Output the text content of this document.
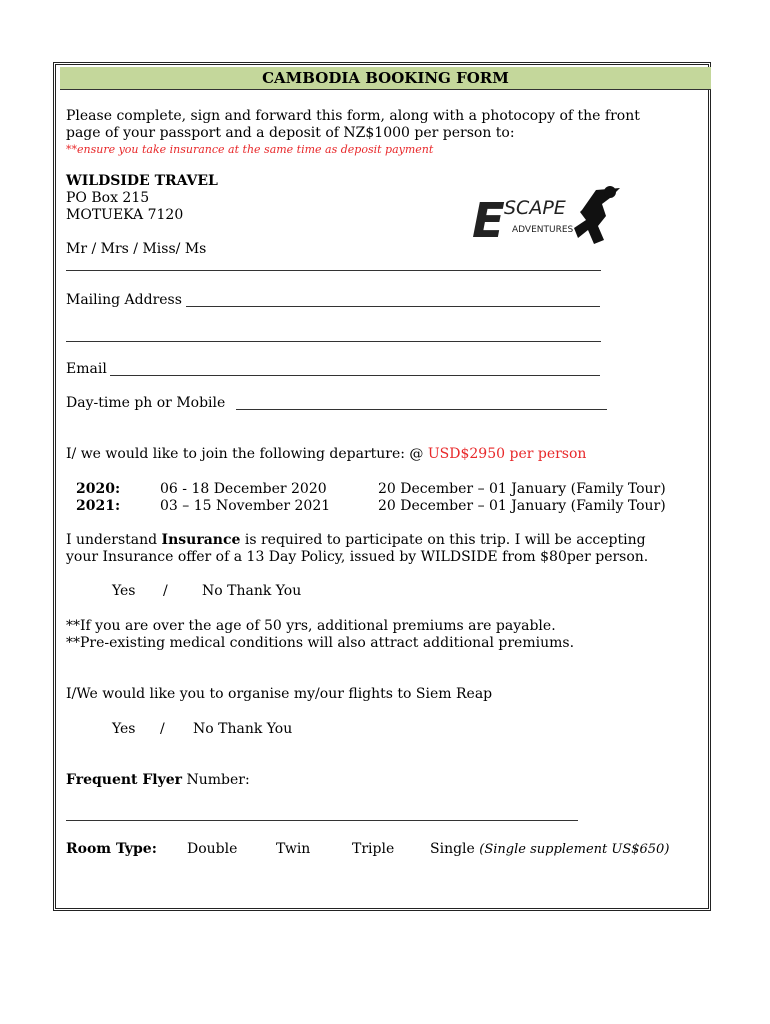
CAMBODIA BOOKING FORM
Please complete, sign and forward this form, along with a photocopy of the front
page of your passport and a deposit of NZ$1000 per person to:
**ensure you take insurance at the same time as deposit payment
WILDSIDE TRAVEL
PO Box 215
MOTUEKA 7120	E SCAPE
ADVENTURES
Mr / Mrs / Miss/ Ms
Mailing Address
Email
Day-time ph or Mobile
I/ we would like to join the following departure: @ USD$2950 per person
2020:	06 - 18 December 2020	20 December – 01 January (Family Tour)
2021:	03 – 15 November 2021	20 December – 01 January (Family Tour)
I understand Insurance is required to participate on this trip. I will be accepting
your Insurance offer of a 13 Day Policy, issued by WILDSIDE from $80per person.
Yes / No Thank You
**If you are over the age of 50 yrs, additional premiums are payable.
**Pre-existing medical conditions will also attract additional premiums.
I/We would like you to organise my/our flights to Siem Reap
Yes / No Thank You
Frequent Flyer Number:
Room Type: Double	Twin	Triple	Single (Single supplement US$650)
